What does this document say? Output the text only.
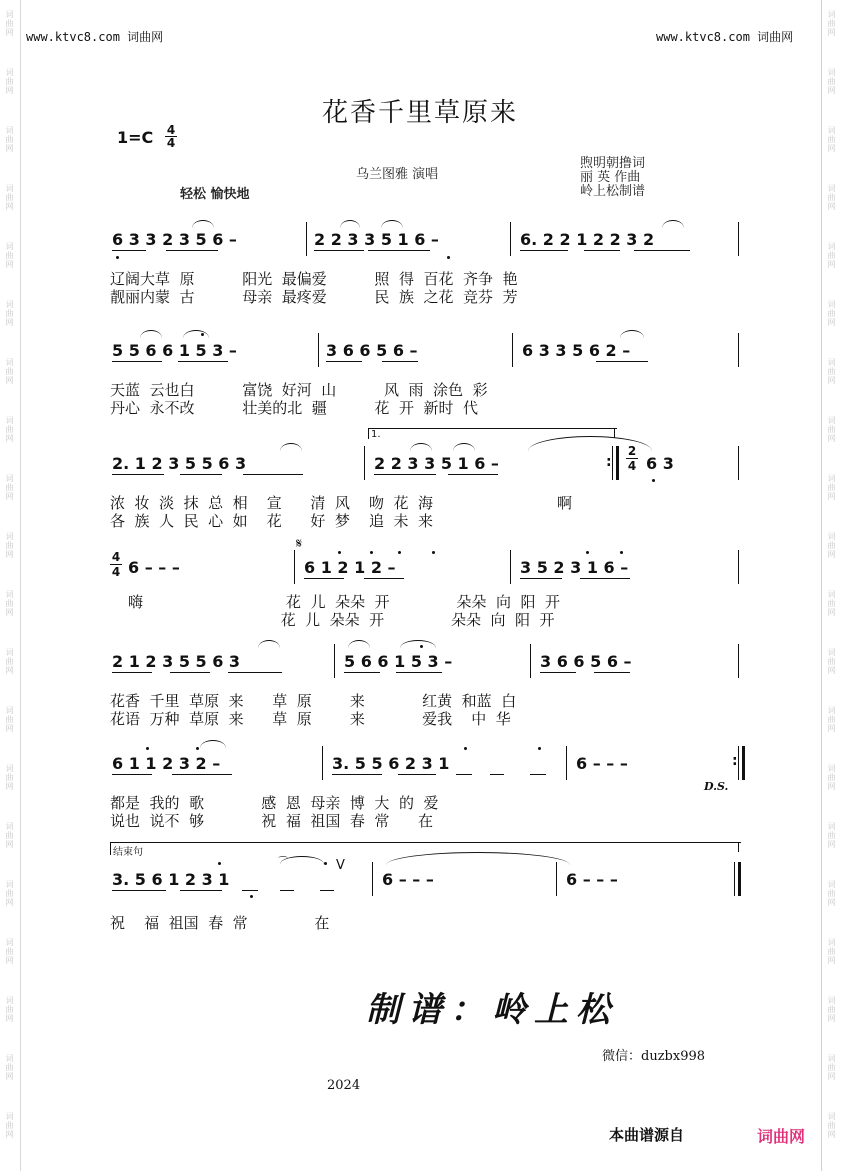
词曲网
词曲网
词曲网
词曲网
词曲网
词曲网
词曲网
词曲网
词曲网
词曲网
词曲网
词曲网
词曲网
词曲网
词曲网
词曲网
词曲网
词曲网
词曲网
词曲网
词曲网
词曲网
词曲网
词曲网
词曲网
词曲网
词曲网
词曲网
词曲网
词曲网
词曲网
词曲网
词曲网
词曲网
词曲网
词曲网
词曲网
词曲网
词曲网
词曲网
www.ktvc8.com 词曲网	www.ktvc8.com 词曲网
花香千里草原来
$1=C \frac{4}{4}$
乌兰图雅 演唱
轻松 愉快地
煦明朝撸词
丽 英 作曲
岭上松制谱
6 3 3 2 3 5 6 –	2 2 3 3 5 1 6 –	6. 2 2 1 2 2 3 2
辽阔大草  原          阳光  最偏爱          照  得  百花  齐争  艳
靓丽内蒙  古          母亲  最疼爱          民  族  之花  竞芬  芳
5 5 6 6 1 5 3 –	3 6 6 5 6 –	6 3 3 5 6 2 –
天蓝  云也白          富饶  好河  山          风  雨  涂色  彩
丹心  永不改          壮美的北  疆          花  开  新时  代
1.
:
2. 1 2 3 5 5 6 3	2 2 3 3 5 1 6 –
2
4 6 3
浓  妆  淡  抹  总  相    宣      清  风    吻  花  海                          啊
各  族  人  民  心  如    花      好  梦    追  未  来
4
4
𝄋
6 – – –	6 1 2 1 2 –	3 5 2 3 1 6 –
嗨                              花  儿  朵朵  开              朵朵  向  阳  开
花  儿  朵朵  开              朵朵  向  阳  开
2 1 2 3 5 5 6 3	5 6 6 1 5 3 –	3 6 6 5 6 –
花香  千里  草原  来      草  原        来            红黄  和蓝  白
花语  万种  草原  来      草  原        来            爱我    中  华
:
6 1 1 2 3 2 –	3. 5 5 6 2 3 1	6 – – –
D.S.
都是  我的  歌            感  恩  母亲  博  大  的  爱
说也  说不  够            祝  福  祖国  春  常      在
结束句
3. 5 6 1 2 3 1
V
6 – – –	6 – – –
⌒
祝    福  祖国  春  常              在
制谱：岭上松
微信：duzbx998
2024
本曲谱源自	词曲网
